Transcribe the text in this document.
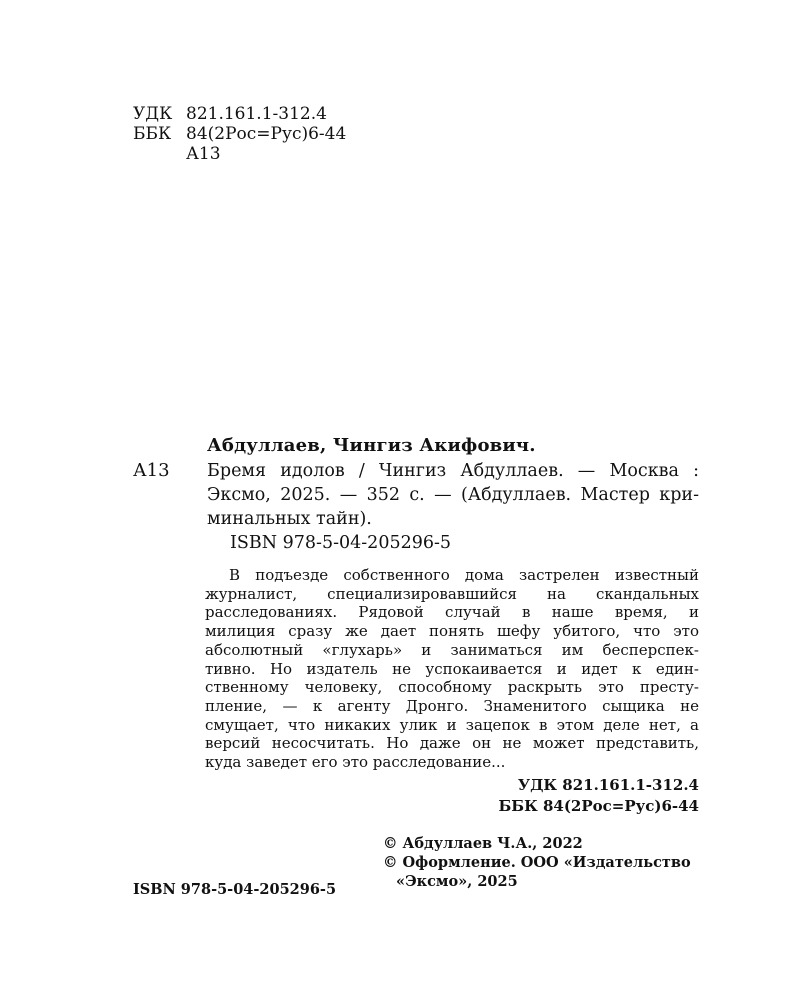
УДК 821.161.1-312.4
ББК 84(2Рос=Рус)6-44
А13
Абдуллаев, Чингиз Акифович.
А13 Бремя идолов / Чингиз Абдуллаев. — Москва :
Эксмо, 2025. — 352 с. — (Абдуллаев. Мастер кри-
минальных тайн).
ISBN 978-5-04-205296-5
В подъезде собственного дома застрелен известный
журналист, специализировавшийся на скандальных
расследованиях. Рядовой случай в наше время, и
милиция сразу же дает понять шефу убитого, что это
абсолютный «глухарь» и заниматься им бесперспек-
тивно. Но издатель не успокаивается и идет к един-
ственному человеку, способному раскрыть это престу-
пление, — к агенту Дронго. Знаменитого сыщика не
смущает, что никаких улик и зацепок в этом деле нет, а
версий несосчитать. Но даже он не может представить,
куда заведет его это расследование...
УДК 821.161.1-312.4
ББК 84(2Рос=Рус)6-44
© Абдуллаев Ч.А., 2022
© Оформление. ООО «Издательство
«Эксмо», 2025
ISBN 978-5-04-205296-5
